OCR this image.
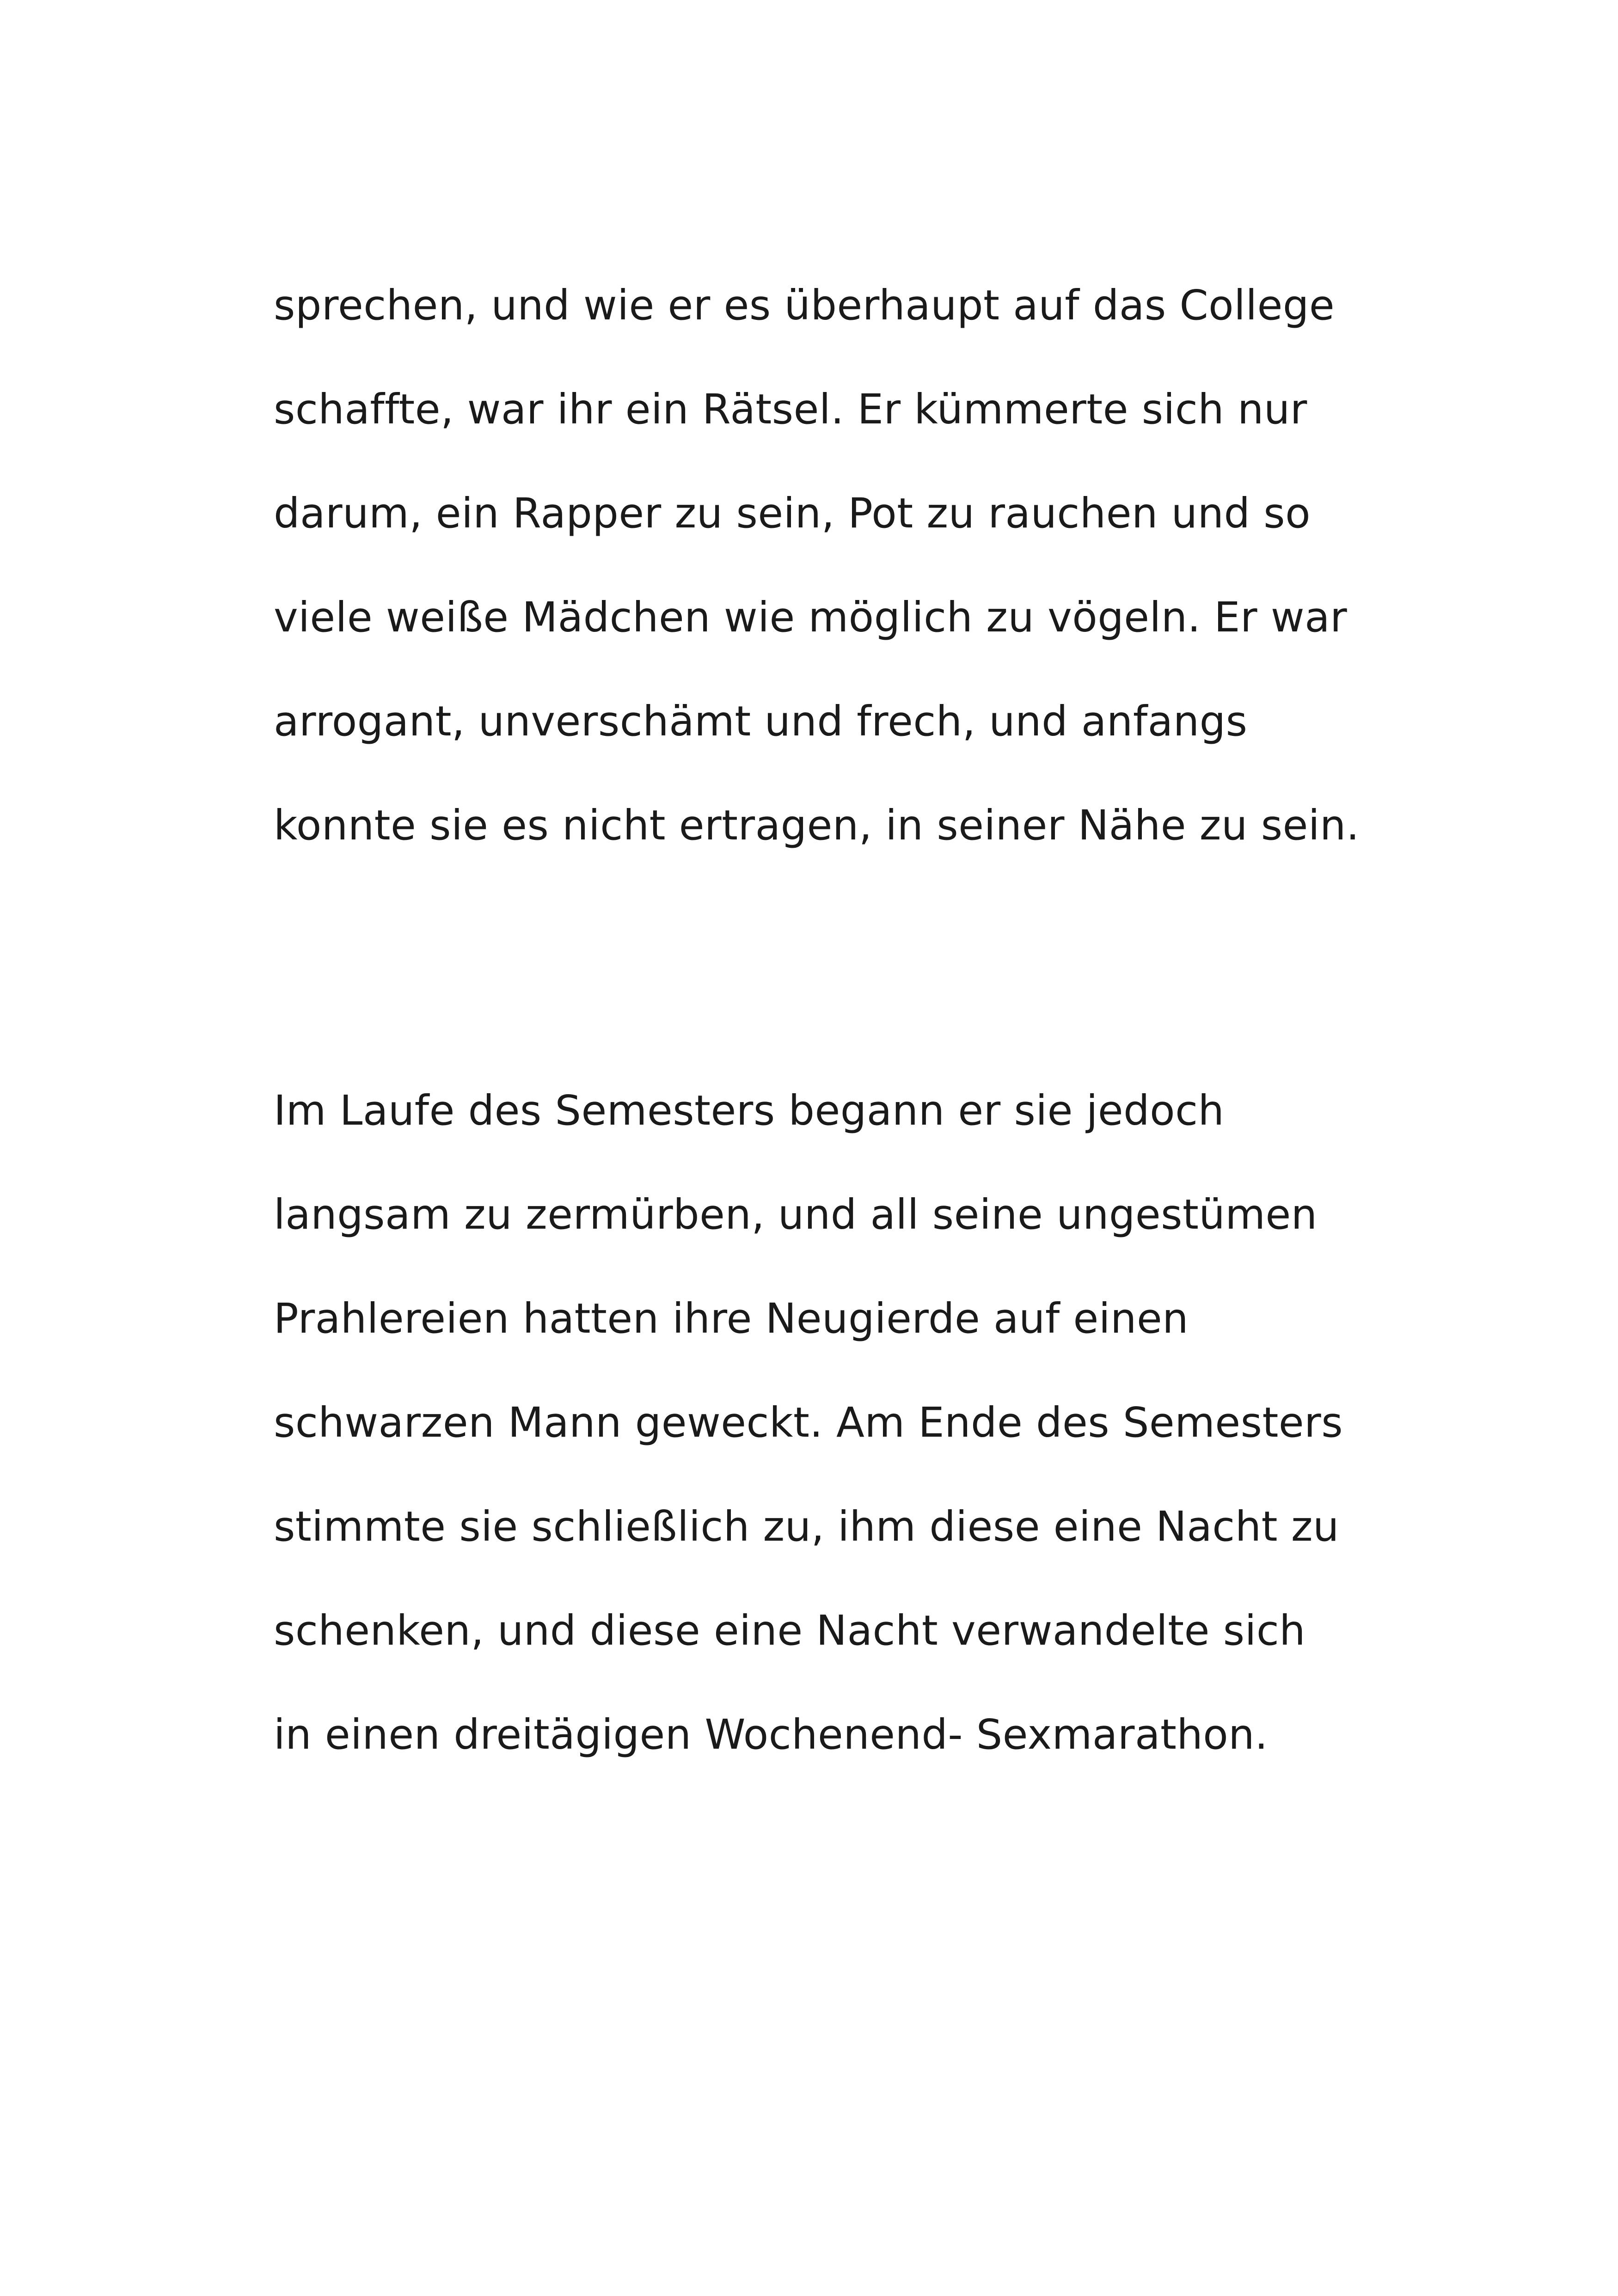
sprechen, und wie er es überhaupt auf das College
schaffte, war ihr ein Rätsel. Er kümmerte sich nur
darum, ein Rapper zu sein, Pot zu rauchen und so
viele weiße Mädchen wie möglich zu vögeln. Er war
arrogant, unverschämt und frech, und anfangs
konnte sie es nicht ertragen, in seiner Nähe zu sein.
Im Laufe des Semesters begann er sie jedoch
langsam zu zermürben, und all seine ungestümen
Prahlereien hatten ihre Neugierde auf einen
schwarzen Mann geweckt. Am Ende des Semesters
stimmte sie schließlich zu, ihm diese eine Nacht zu
schenken, und diese eine Nacht verwandelte sich
in einen dreitägigen Wochenend- Sexmarathon.
